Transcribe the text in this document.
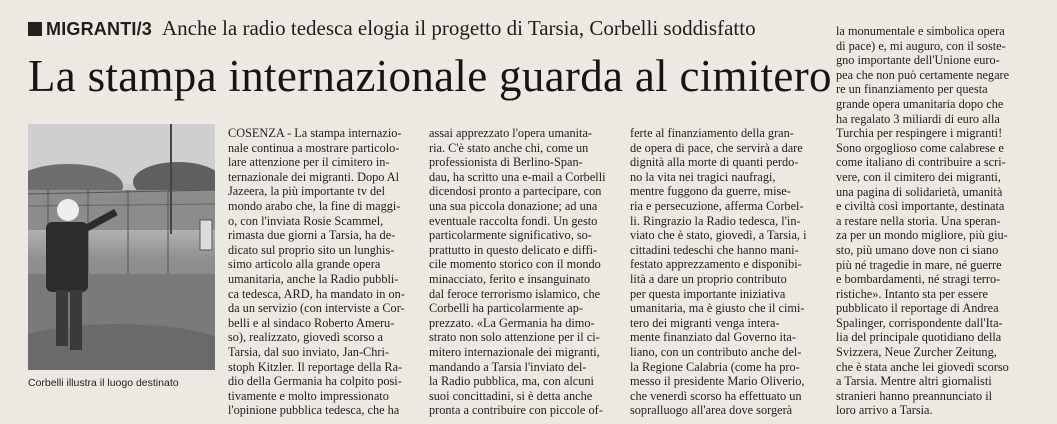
MIGRANTI/3 Anche la radio tedesca elogia il progetto di Tarsia, Corbelli soddisfatto
La stampa internazionale guarda al cimitero
Corbelli illustra il luogo destinato
COSENZA - La stampa internazio-
nale continua a mostrare particolo-
lare attenzione per il cimitero in-
ternazionale dei migranti. Dopo Al
Jazeera, la più importante tv del
mondo arabo che, la fine di maggi-
o, con l'inviata Rosie Scammel,
rimasta due giorni a Tarsia, ha de-
dicato sul proprio sito un lunghis-
simo articolo alla grande opera
umanitaria, anche la Radio pubbli-
ca tedesca, ARD, ha mandato in on-
da un servizio (con interviste a Cor-
belli e al sindaco Roberto Ameru-
so), realizzato, giovedì scorso a
Tarsia, dal suo inviato, Jan-Chri-
stoph Kitzler. Il reportage della Ra-
dio della Germania ha colpito posi-
tivamente e molto impressionato
l'opinione pubblica tedesca, che ha
assai apprezzato l'opera umanita-
ria. C'è stato anche chi, come un
professionista di Berlino-Span-
dau, ha scritto una e-mail a Corbelli
dicendosi pronto a partecipare, con
una sua piccola donazione; ad una
eventuale raccolta fondi. Un gesto
particolarmente significativo, so-
prattutto in questo delicato e diffi-
cile momento storico con il mondo
minacciato, ferito e insanguinato
dal feroce terrorismo islamico, che
Corbelli ha particolarmente ap-
prezzato. «La Germania ha dimo-
strato non solo attenzione per il ci-
mitero internazionale dei migranti,
mandando a Tarsia l'inviato del-
la Radio pubblica, ma, con alcuni
suoi concittadini, si è detta anche
pronta a contribuire con piccole of-
ferte al finanziamento della gran-
de opera di pace, che servirà a dare
dignità alla morte di quanti perdo-
no la vita nei tragici naufragi,
mentre fuggono da guerre, mise-
ria e persecuzione, afferma Corbel-
li. Ringrazio la Radio tedesca, l'in-
viato che è stato, giovedì, a Tarsia, i
cittadini tedeschi che hanno mani-
festato apprezzamento e disponibi-
lità a dare un proprio contributo
per questa importante iniziativa
umanitaria, ma è giusto che il cimi-
tero dei migranti venga intera-
mente finanziato dal Governo ita-
liano, con un contributo anche del-
la Regione Calabria (come ha pro-
messo il presidente Mario Oliverio,
che venerdì scorso ha effettuato un
sopralluogo all'area dove sorgerà
la monumentale e simbolica opera
di pace) e, mi auguro, con il soste-
gno importante dell'Unione euro-
pea che non può certamente negare
re un finanziamento per questa
grande opera umanitaria dopo che
ha regalato 3 miliardi di euro alla
Turchia per respingere i migranti!
Sono orgoglioso come calabrese e
come italiano di contribuire a scri-
vere, con il cimitero dei migranti,
una pagina di solidarietà, umanità
e civiltà così importante, destinata
a restare nella storia. Una speran-
za per un mondo migliore, più giu-
sto, più umano dove non ci siano
più né tragedie in mare, né guerre
e bombardamenti, né stragi terro-
ristiche». Intanto sta per essere
pubblicato il reportage di Andrea
Spalinger, corrispondente dall'Ita-
lia del principale quotidiano della
Svizzera, Neue Zurcher Zeitung,
che è stata anche lei giovedì scorso
a Tarsia. Mentre altri giornalisti
stranieri hanno preannunciato il
loro arrivo a Tarsia.
